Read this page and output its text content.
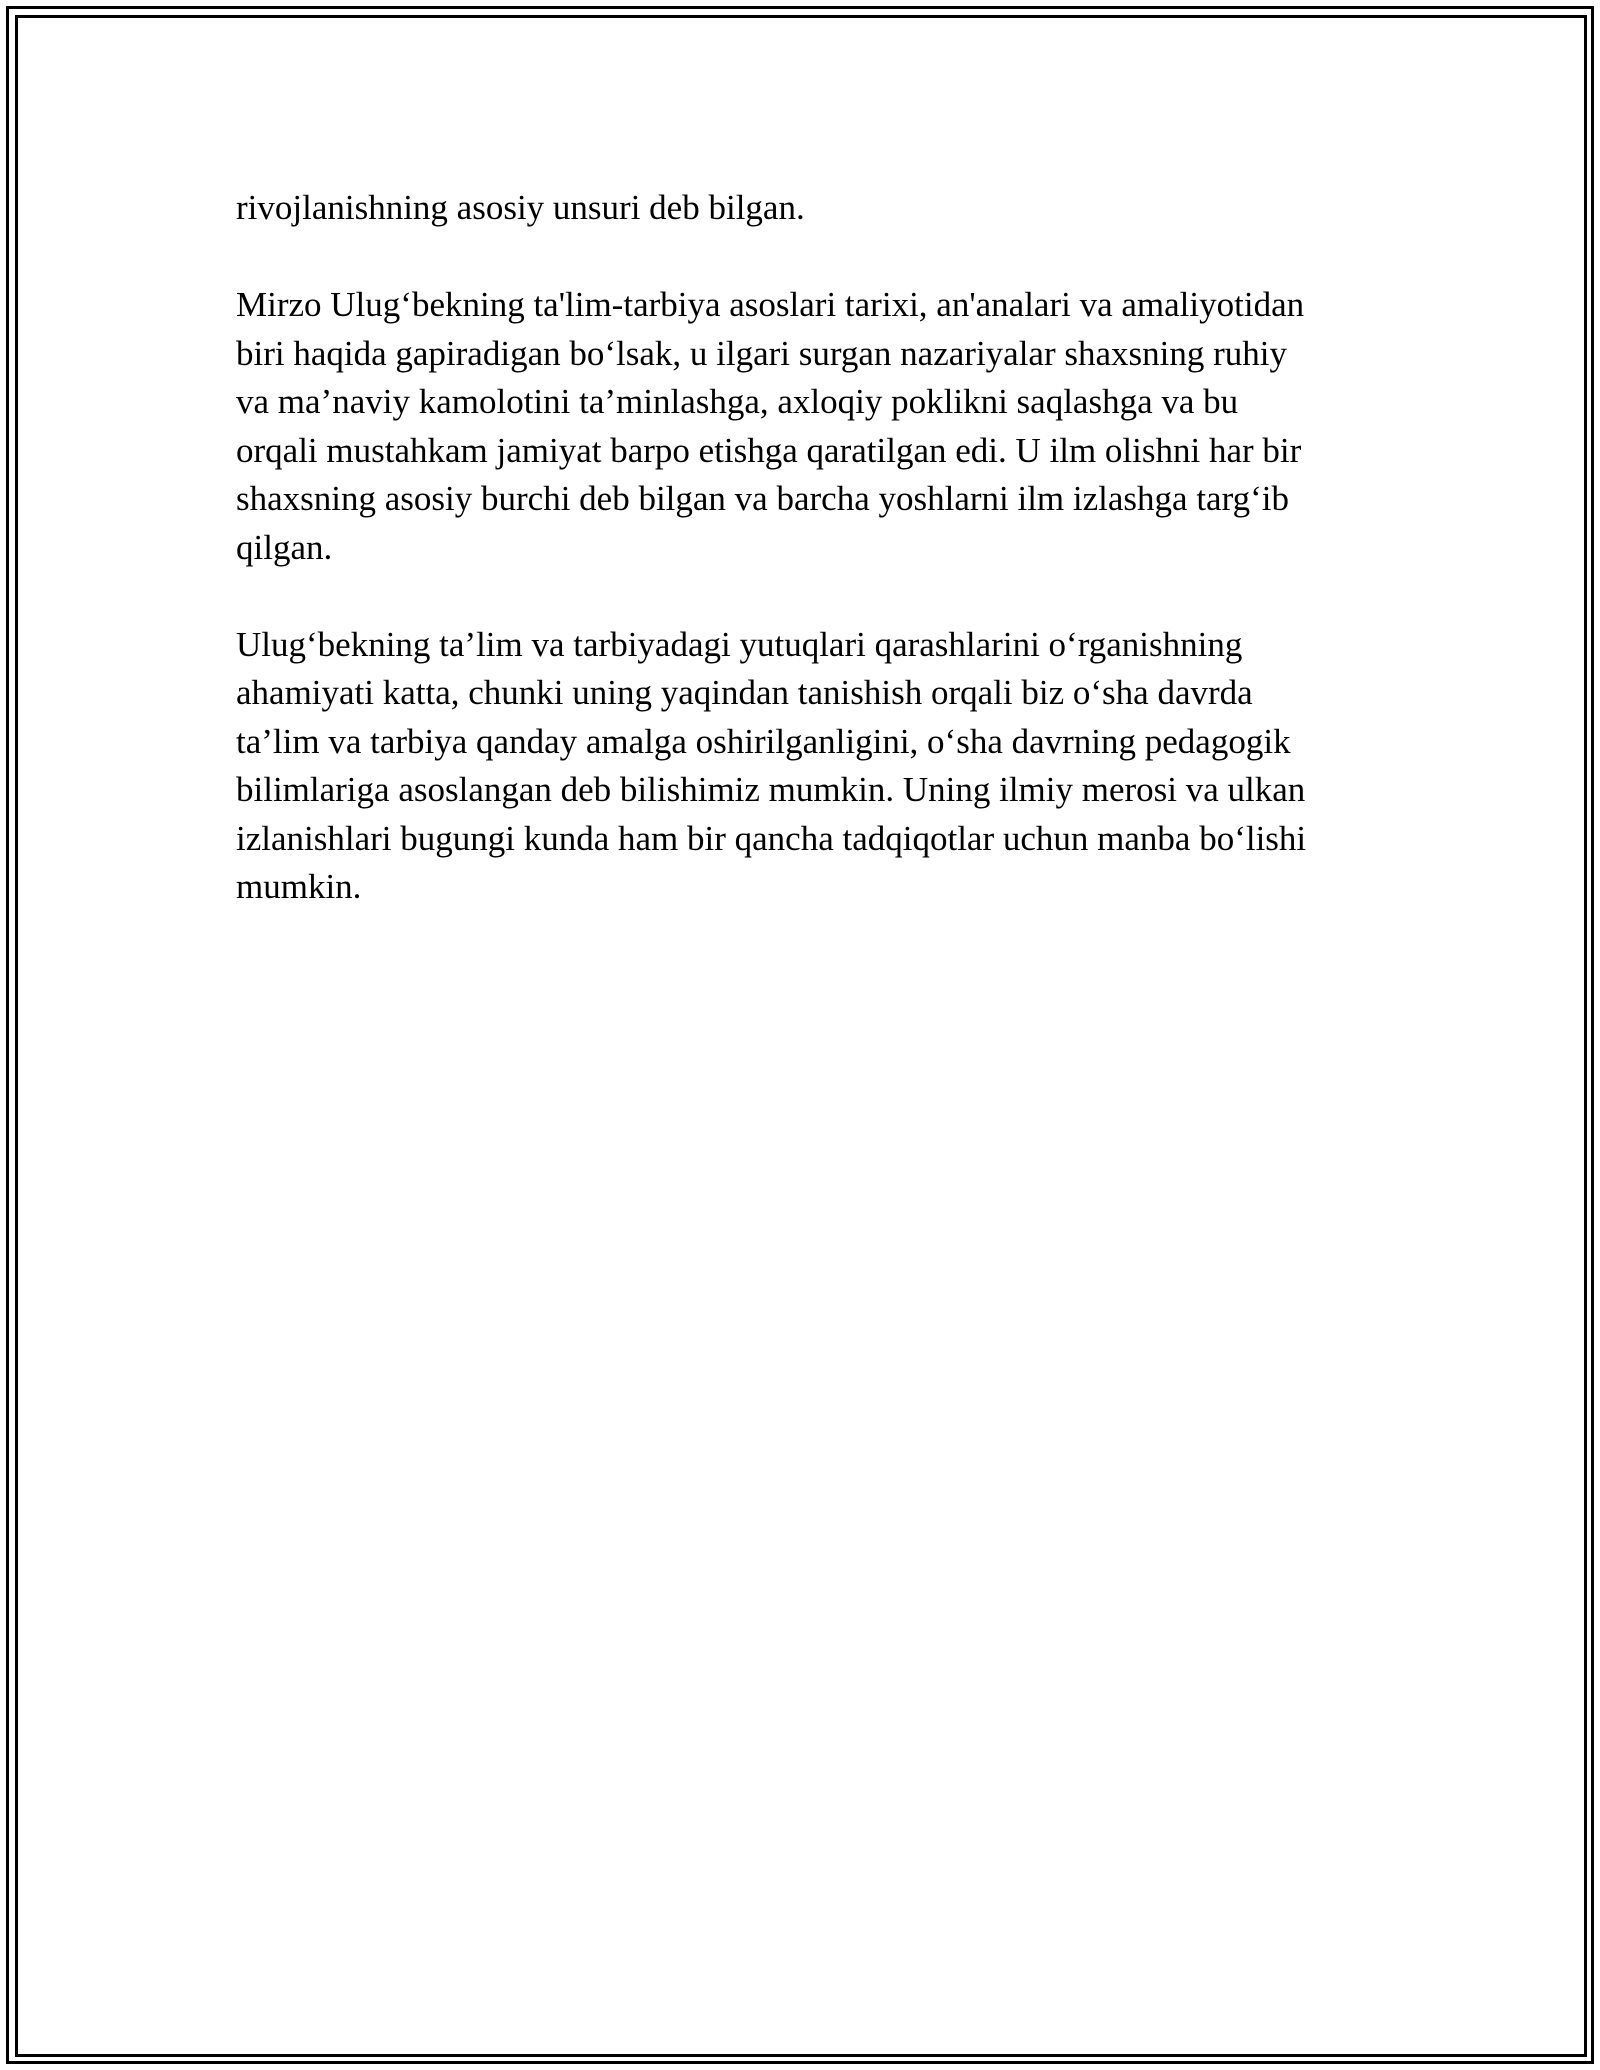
rivojlanishning asosiy unsuri deb bilgan.

Mirzo Ulug‘bekning ta'lim-tarbiya asoslari tarixi, an'analari va amaliyotidan
biri haqida gapiradigan bo‘lsak, u ilgari surgan nazariyalar shaxsning ruhiy
va ma’naviy kamolotini ta’minlashga, axloqiy poklikni saqlashga va bu
orqali mustahkam jamiyat barpo etishga qaratilgan edi. U ilm olishni har bir
shaxsning asosiy burchi deb bilgan va barcha yoshlarni ilm izlashga targ‘ib
qilgan.

Ulug‘bekning ta’lim va tarbiyadagi yutuqlari qarashlarini o‘rganishning
ahamiyati katta, chunki uning yaqindan tanishish orqali biz o‘sha davrda
ta’lim va tarbiya qanday amalga oshirilganligini, o‘sha davrning pedagogik
bilimlariga asoslangan deb bilishimiz mumkin. Uning ilmiy merosi va ulkan
izlanishlari bugungi kunda ham bir qancha tadqiqotlar uchun manba bo‘lishi
mumkin.
